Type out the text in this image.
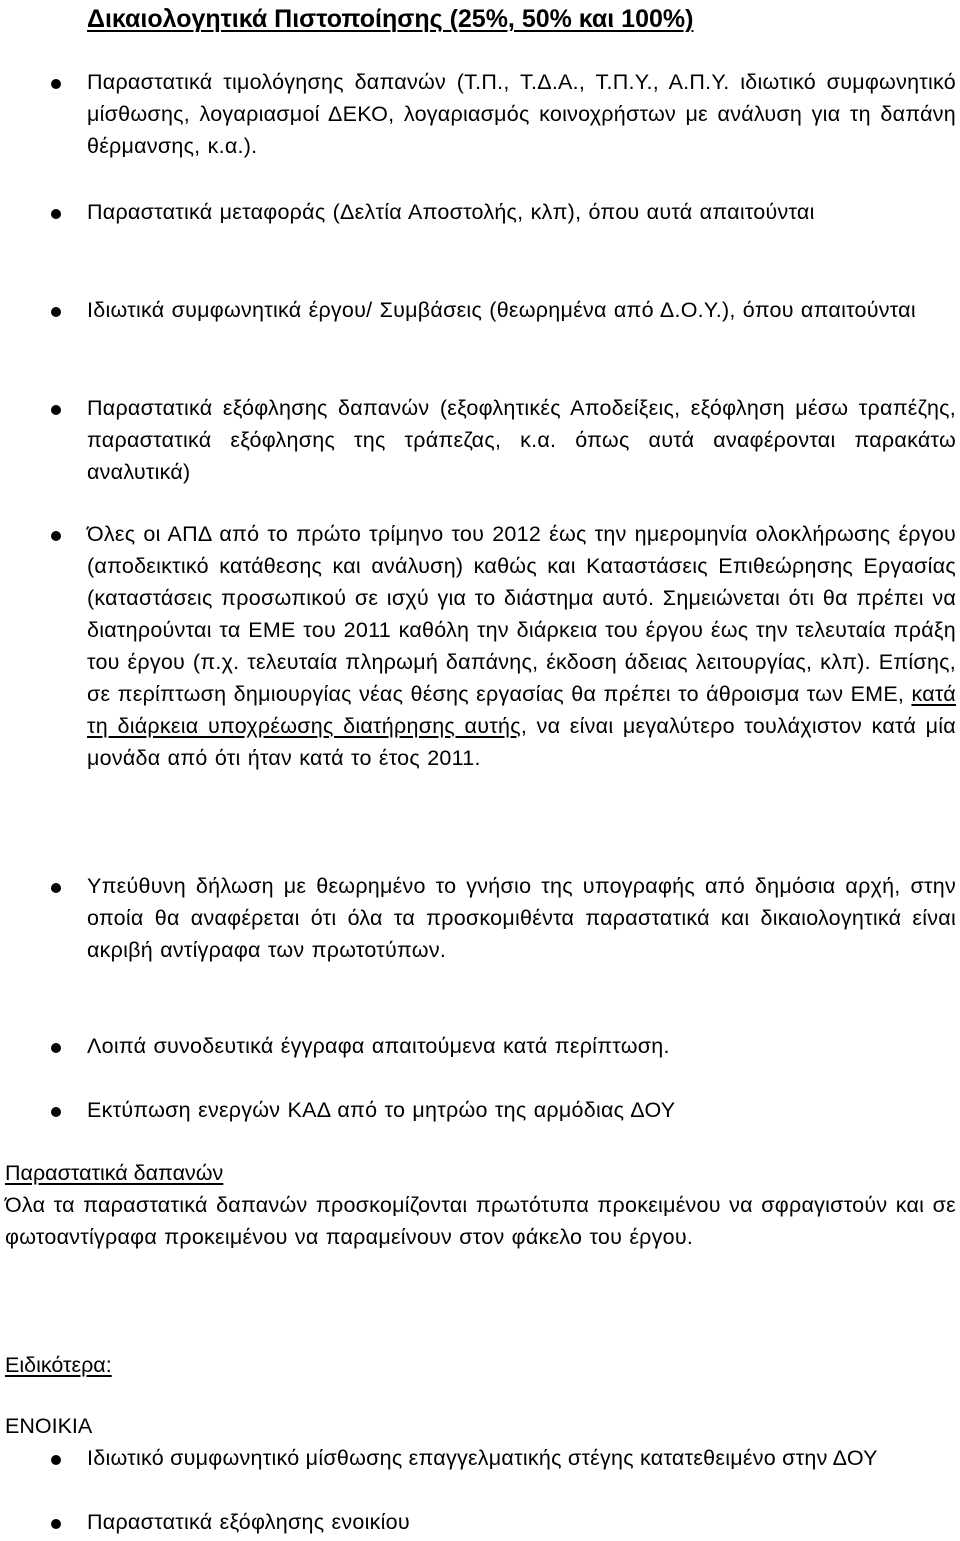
Δικαιολογητικά Πιστοποίησης (25%, 50% και 100%)

Παραστατικά τιμολόγησης δαπανών (Τ.Π., Τ.Δ.Α., Τ.Π.Υ., Α.Π.Υ. ιδιωτικό συμφωνητικό μίσθωσης, λογαριασμοί ΔΕΚΟ, λογαριασμός κοινοχρήστων με ανάλυση για τη δαπάνη θέρμανσης, κ.α.).

Παραστατικά μεταφοράς (Δελτία Αποστολής, κλπ), όπου αυτά απαιτούνται

Ιδιωτικά συμφωνητικά έργου/ Συμβάσεις (θεωρημένα από Δ.Ο.Υ.), όπου απαιτούνται

Παραστατικά εξόφλησης δαπανών (εξοφλητικές Αποδείξεις, εξόφληση μέσω τραπέζης, παραστατικά εξόφλησης της τράπεζας, κ.α. όπως αυτά αναφέρονται παρακάτω αναλυτικά)

Όλες οι ΑΠΔ από το πρώτο τρίμηνο του 2012 έως την ημερομηνία ολοκλήρωσης έργου (αποδεικτικό κατάθεσης και ανάλυση) καθώς και Καταστάσεις Επιθεώρησης Εργασίας (καταστάσεις προσωπικού σε ισχύ για το διάστημα αυτό. Σημειώνεται ότι θα πρέπει να διατηρούνται τα ΕΜΕ του 2011 καθόλη την διάρκεια του έργου έως την τελευταία πράξη του έργου (π.χ. τελευταία πληρωμή δαπάνης, έκδοση άδειας λειτουργίας, κλπ). Επίσης, σε περίπτωση δημιουργίας νέας θέσης εργασίας θα πρέπει το άθροισμα των ΕΜΕ, κατά τη διάρκεια υποχρέωσης διατήρησης αυτής, να είναι μεγαλύτερο τουλάχιστον κατά μία μονάδα από ότι ήταν κατά το έτος 2011.

Υπεύθυνη δήλωση με θεωρημένο το γνήσιο της υπογραφής από δημόσια αρχή, στην οποία θα αναφέρεται ότι όλα τα προσκομιθέντα παραστατικά και δικαιολογητικά είναι ακριβή αντίγραφα των πρωτοτύπων.

Λοιπά συνοδευτικά έγγραφα απαιτούμενα κατά περίπτωση.

Εκτύπωση ενεργών ΚΑΔ από το μητρώο της αρμόδιας ΔΟΥ

Παραστατικά δαπανών

Όλα τα παραστατικά δαπανών προσκομίζονται πρωτότυπα προκειμένου να σφραγιστούν και σε φωτοαντίγραφα προκειμένου να παραμείνουν στον φάκελο του έργου.

Ειδικότερα:
ΕΝΟΙΚΙΑ

Ιδιωτικό συμφωνητικό μίσθωσης επαγγελματικής στέγης κατατεθειμένο στην ΔΟΥ

Παραστατικά εξόφλησης ενοικίου
